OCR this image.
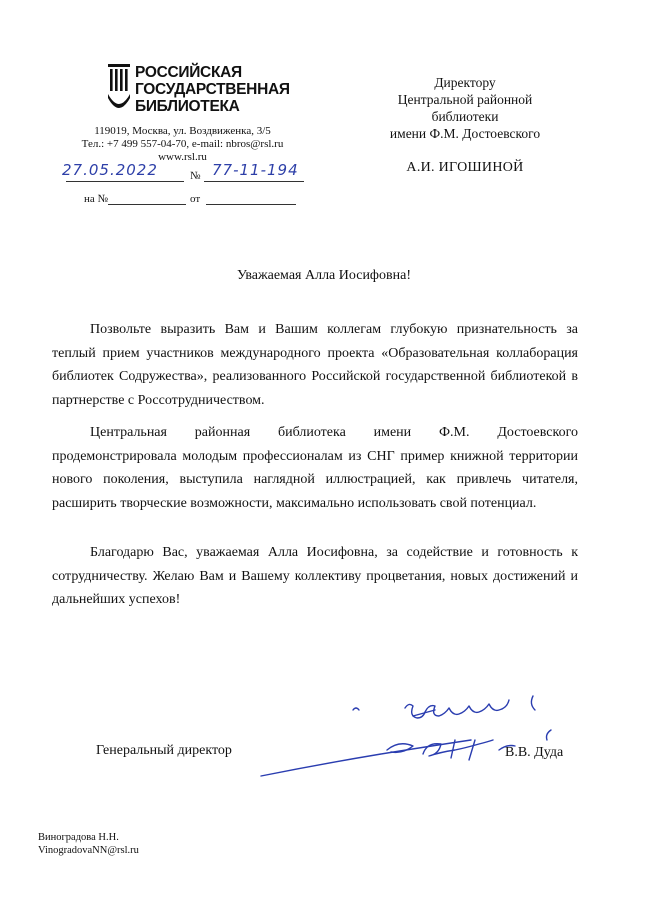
РОССИЙСКАЯ
ГОСУДАРСТВЕННАЯ
БИБЛИОТЕКА
119019, Москва, ул. Воздвиженка, 3/5
Тел.: +7 499 557-04-70, e-mail: nbros@rsl.ru
www.rsl.ru
27.05.2022	№ 77-11-194
на №	от
Директору
Центральной районной
библиотеки
имени Ф.М. Достоевского
А.И. ИГОШИНОЙ
Уважаемая Алла Иосифовна!
Позвольте выразить Вам и Вашим коллегам глубокую признательность за теплый прием участников международного проекта «Образовательная коллаборация библиотек Содружества», реализованного Российской государственной библиотекой в партнерстве с Россотрудничеством.
Центральная районная библиотека имени Ф.М. Достоевского продемонстрировала молодым профессионалам из СНГ пример книжной территории нового поколения, выступила наглядной иллюстрацией, как привлечь читателя, расширить творческие возможности, максимально использовать свой потенциал.
Благодарю Вас, уважаемая Алла Иосифовна, за содействие и готовность к сотрудничеству. Желаю Вам и Вашему коллективу процветания, новых достижений и дальнейших успехов!
Генеральный директор	В.В. Дуда
Виноградова Н.Н.
VinogradovaNN@rsl.ru
